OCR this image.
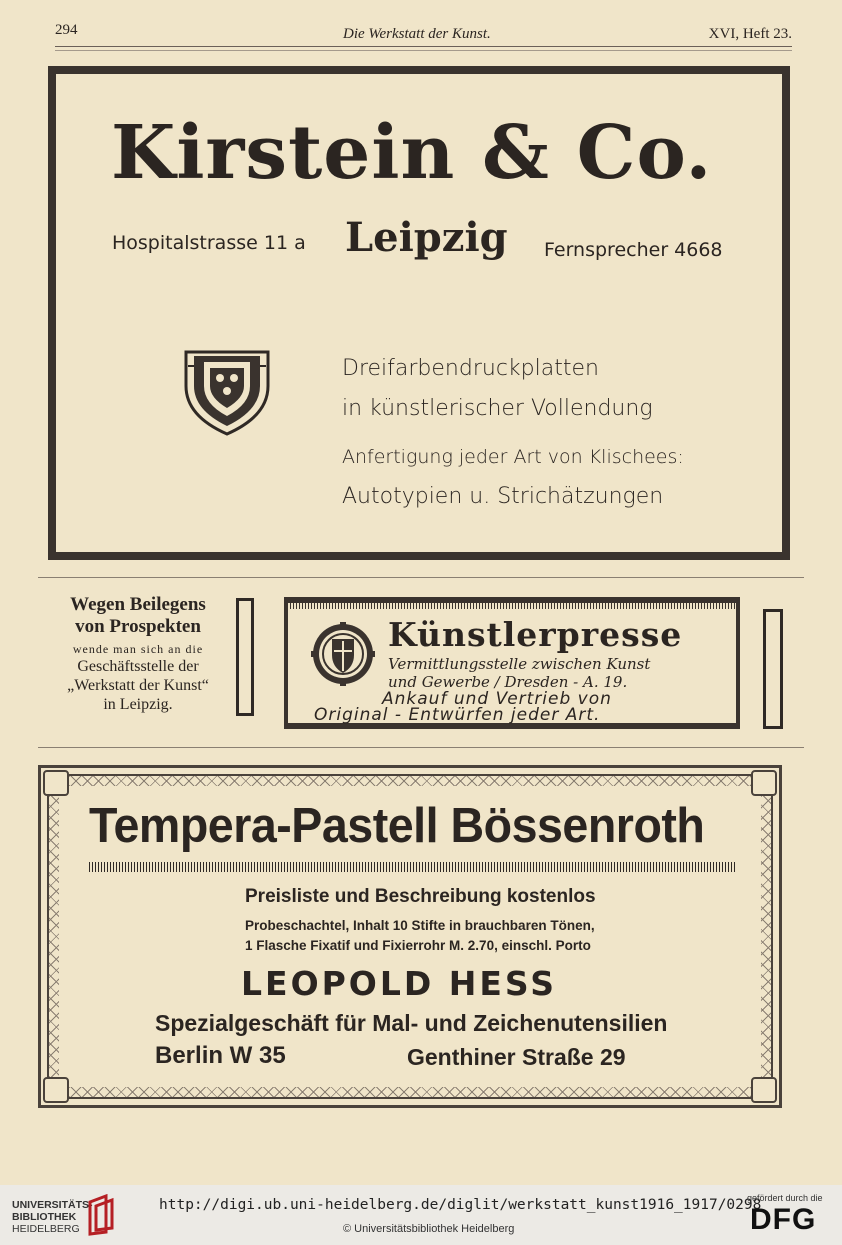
294	Die Werkstatt der Kunst.	XVI, Heft 23.
Kirstein & Co.
Hospitalstrasse 11 a Leipzig Fernsprecher 4668
Dreifarbendruckplatten
in künstlerischer Vollendung
Anfertigung jeder Art von Klischees:
Autotypien u. Strichätzungen
Wegen Beilegens
von Prospekten
wende man sich an die
Geschäftsstelle der
„Werkstatt der Kunst“
in Leipzig.
Künstlerpresse
Vermittlungsstelle zwischen Kunst
und Gewerbe / Dresden - A. 19.
Ankauf und Vertrieb von
Original - Entwürfen jeder Art.
Tempera-Pastell Bössenroth
Preisliste und Beschreibung kostenlos
Probeschachtel, Inhalt 10 Stifte in brauchbaren Tönen,
1 Flasche Fixatif und Fixierrohr M. 2.70, einschl. Porto
LEOPOLD HESS
Spezialgeschäft für Mal- und Zeichenutensilien
Berlin W 35	Genthiner Straße 29
UNIVERSITÄTS-
BIBLIOTHEK
HEIDELBERG
http://digi.ub.uni-heidelberg.de/diglit/werkstatt_kunst1916_1917/0298
© Universitätsbibliothek Heidelberg
gefördert durch die
DFG
